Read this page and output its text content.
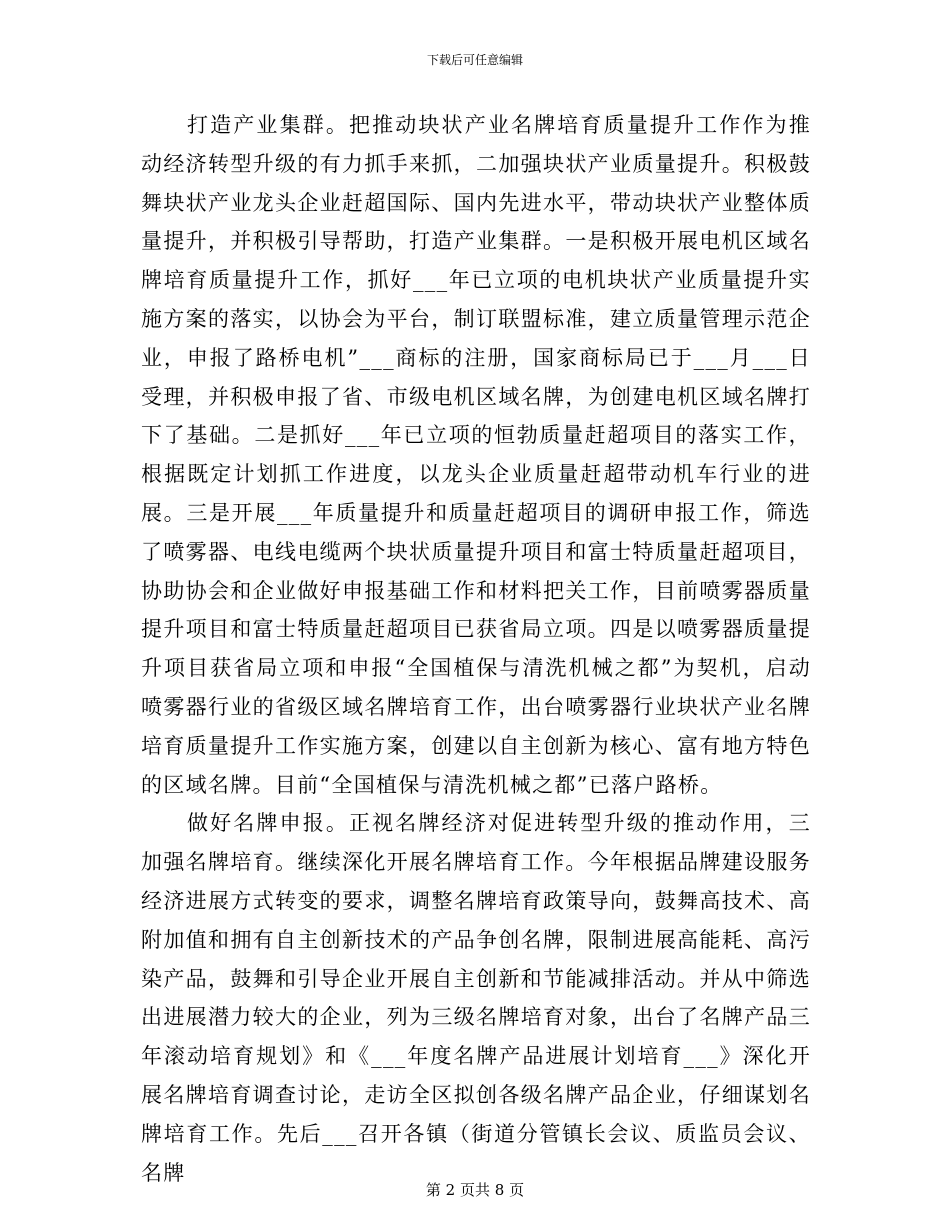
下载后可任意编辑

打造产业集群。把推动块状产业名牌培育质量提升工作作为推动经济转型升级的有力抓手来抓，二加强块状产业质量提升。积极鼓舞块状产业龙头企业赶超国际、国内先进水平，带动块状产业整体质量提升，并积极引导帮助，打造产业集群。一是积极开展电机区域名牌培育质量提升工作，抓好___年已立项的电机块状产业质量提升实施方案的落实，以协会为平台，制订联盟标准，建立质量管理示范企业，申报了路桥电机”___商标的注册，国家商标局已于___月___日受理，并积极申报了省、市级电机区域名牌，为创建电机区域名牌打下了基础。二是抓好___年已立项的恒勃质量赶超项目的落实工作，根据既定计划抓工作进度，以龙头企业质量赶超带动机车行业的进展。三是开展___年质量提升和质量赶超项目的调研申报工作，筛选了喷雾器、电线电缆两个块状质量提升项目和富士特质量赶超项目，协助协会和企业做好申报基础工作和材料把关工作，目前喷雾器质量提升项目和富士特质量赶超项目已获省局立项。四是以喷雾器质量提升项目获省局立项和申报“全国植保与清洗机械之都”为契机，启动喷雾器行业的省级区域名牌培育工作，出台喷雾器行业块状产业名牌培育质量提升工作实施方案，创建以自主创新为核心、富有地方特色的区域名牌。目前“全国植保与清洗机械之都”已落户路桥。

做好名牌申报。正视名牌经济对促进转型升级的推动作用，三加强名牌培育。继续深化开展名牌培育工作。今年根据品牌建设服务经济进展方式转变的要求，调整名牌培育政策导向，鼓舞高技术、高附加值和拥有自主创新技术的产品争创名牌，限制进展高能耗、高污染产品，鼓舞和引导企业开展自主创新和节能减排活动。并从中筛选出进展潜力较大的企业，列为三级名牌培育对象，出台了名牌产品三年滚动培育规划》和《___年度名牌产品进展计划培育___》深化开展名牌培育调查讨论，走访全区拟创各级名牌产品企业，仔细谋划名牌培育工作。先后___召开各镇（街道分管镇长会议、质监员会议、名牌

第 2 页共 8 页
